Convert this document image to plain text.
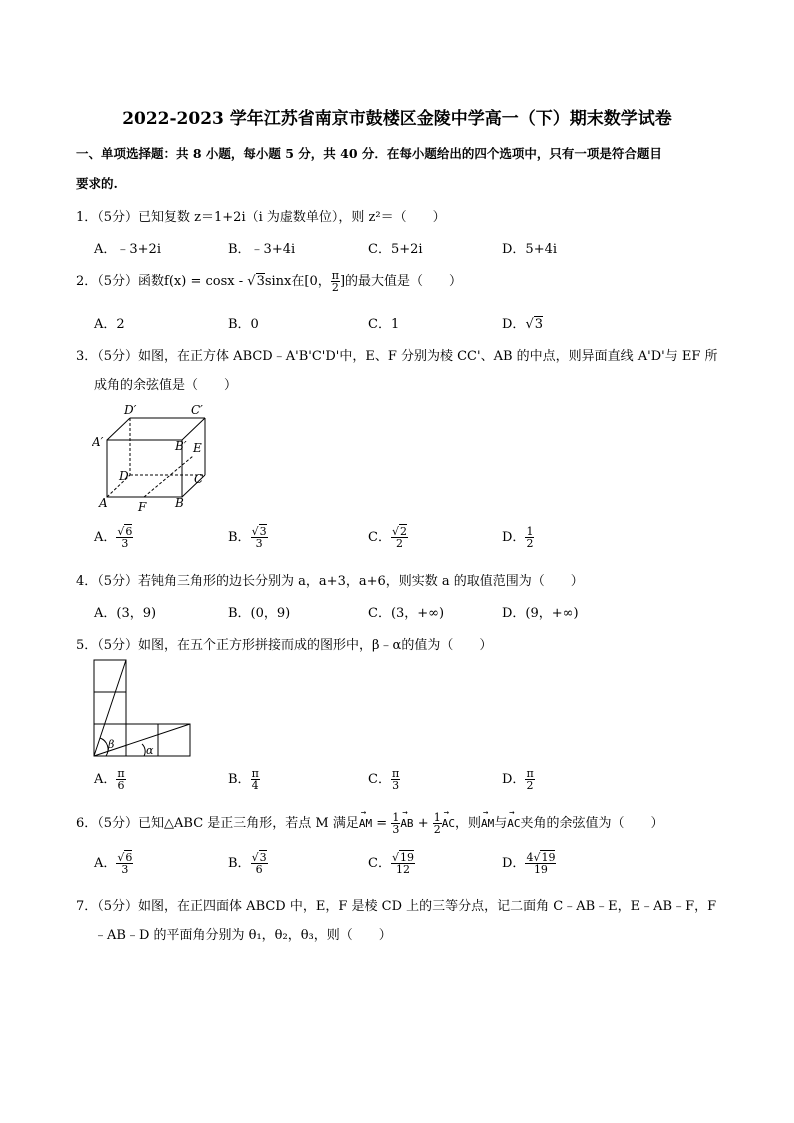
2022-2023 学年江苏省南京市鼓楼区金陵中学高一（下）期末数学试卷
一、单项选择题：共 8 小题，每小题 5 分，共 40 分．在每小题给出的四个选项中，只有一项是符合题目
要求的.
1．（5分）已知复数 z＝1+2i（i 为虚数单位），则 z²＝（　　）
A．﹣3+2i	B．﹣3+4i	C．5+2i	D．5+4i
2．（5分）函数f(x) = cosx - √3sinx在[0， $\frac{\pi}{2}$ ]的最大值是（　　）
A．2	B．0	C．1	D．√3
3．（5分）如图，在正方体 ABCD﹣A'B'C'D'中，E、F 分别为棱 CC'、AB 的中点，则异面直线 A'D'与 EF 所
成角的余弦值是（　　）
D′	C′
A′	B′ E
D	C
A	F B
A． $\frac{√6}{3}$	B． $\frac{√3}{3}$	C． $\frac{√2}{2}$	D． $\frac{1}{2}$
4．（5分）若钝角三角形的边长分别为 a，a+3，a+6，则实数 a 的取值范围为（　　）
A．(3，9)	B．(0，9)	C．(3，+∞)	D．(9，+∞)
5．（5分）如图，在五个正方形拼接而成的图形中，β﹣α的值为（　　）
β	α
A． $\frac{\pi}{6}$	B． $\frac{\pi}{4}$	C． $\frac{\pi}{3}$	D． $\frac{\pi}{2}$
6．（5分）已知△ABC 是正三角形，若点 M 满足→ AM = $\frac{1}{3}$ → AB + $\frac{1}{2}$ → AC，则→ AM与→ AC夹角的余弦值为（　　）
A． $\frac{√6}{3}$	B． $\frac{√3}{6}$	C． $\frac{√19}{12}$	D． $\frac{4√19}{19}$
7．（5分）如图，在正四面体 ABCD 中，E，F 是棱 CD 上的三等分点，记二面角 C﹣AB﹣E，E﹣AB﹣F，F
﹣AB﹣D 的平面角分别为 θ₁，θ₂，θ₃，则（　　）
